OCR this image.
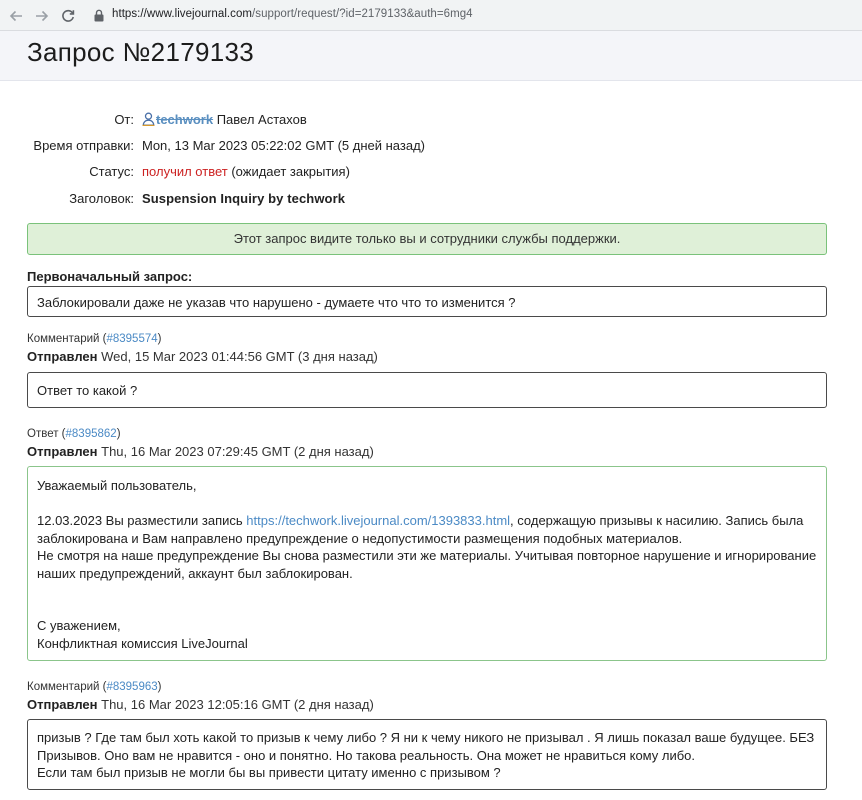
https://www.livejournal.com/support/request/?id=2179133&auth=6mg4
Запрос №2179133
От:	techwork Павел Астахов
Время отправки: Mon, 13 Mar 2023 05:22:02 GMT (5 дней назад)
Статус: получил ответ (ожидает закрытия)
Заголовок: Suspension Inquiry by techwork
Этот запрос видите только вы и сотрудники службы поддержки.
Первоначальный запрос:
Заблокировали даже не указав что нарушено - думаете что что то изменится ?
Комментарий (#8395574)
Отправлен Wed, 15 Mar 2023 01:44:56 GMT (3 дня назад)
Ответ то какой ?
Ответ (#8395862)
Отправлен Thu, 16 Mar 2023 07:29:45 GMT (2 дня назад)
Уважаемый пользователь,
12.03.2023 Вы разместили запись https://techwork.livejournal.com/1393833.html, содержащую призывы к насилию. Запись была заблокирована и Вам направлено предупреждение о недопустимости размещения подобных материалов.
Не смотря на наше предупреждение Вы снова разместили эти же материалы. Учитывая повторное нарушение и игнорирование наших предупреждений, аккаунт был заблокирован.
С уважением,
Конфликтная комиссия LiveJournal
Комментарий (#8395963)
Отправлен Thu, 16 Mar 2023 12:05:16 GMT (2 дня назад)
призыв ? Где там был хоть какой то призыв к чему либо ? Я ни к чему никого не призывал . Я лишь показал ваше будущее. БЕЗ Призывов. Оно вам не нравится - оно и понятно. Но такова реальность. Она может не нравиться кому либо.
Если там был призыв не могли бы вы привести цитату именно с призывом ?
